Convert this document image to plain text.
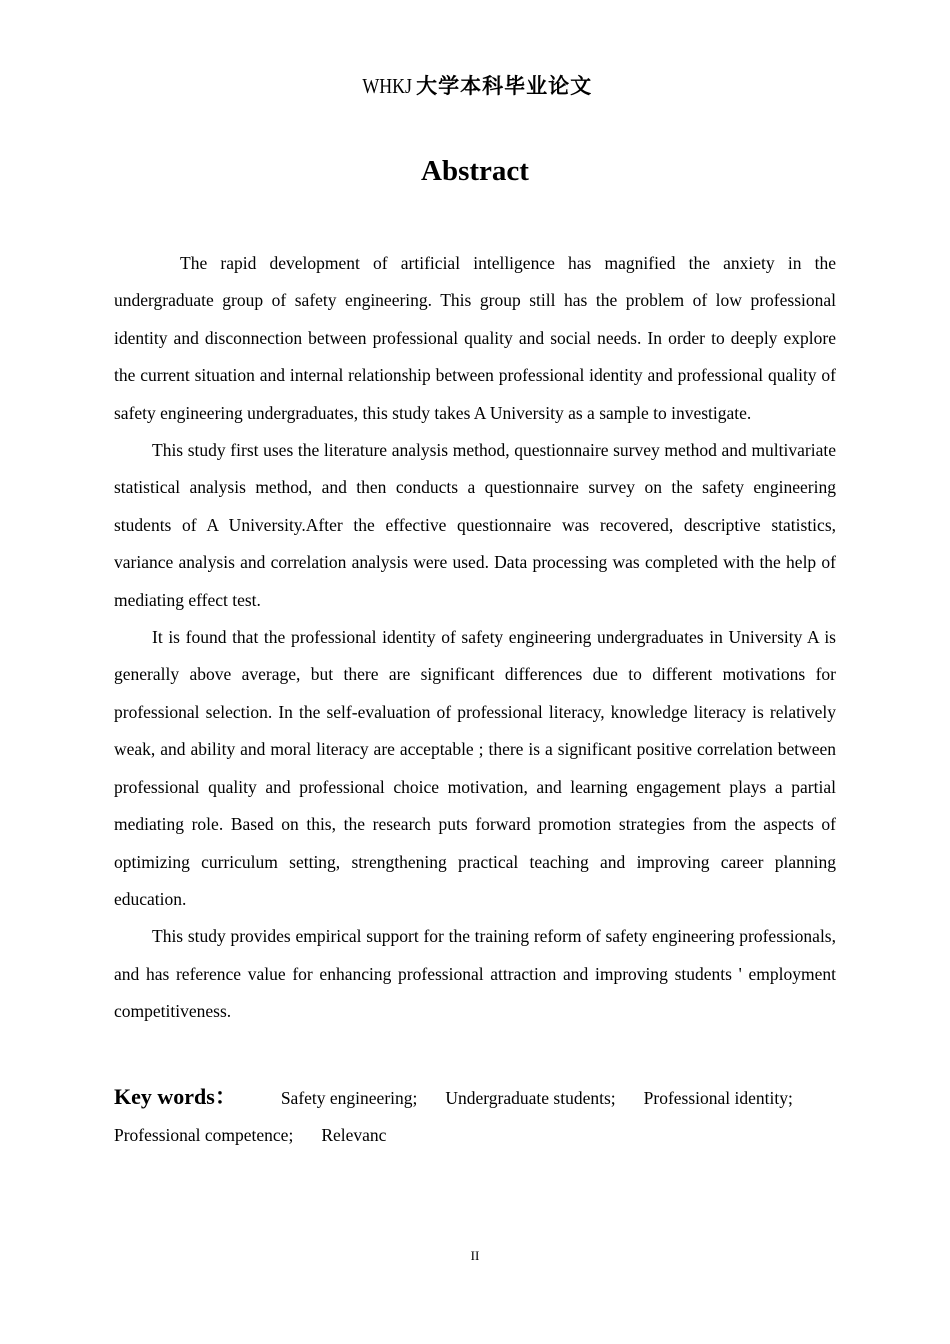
WHKJ 大学本科毕业论文
Abstract

The rapid development of artificial intelligence has magnified the anxiety in the undergraduate group of safety engineering. This group still has the problem of low professional identity and disconnection between professional quality and social needs. In order to deeply explore the current situation and internal relationship between professional identity and professional quality of safety engineering undergraduates, this study takes A University as a sample to investigate.

This study first uses the literature analysis method, questionnaire survey method and multivariate statistical analysis method, and then conducts a questionnaire survey on the safety engineering students of A University.After the effective questionnaire was recovered, descriptive statistics, variance analysis and correlation analysis were used. Data processing was completed with the help of mediating effect test.

It is found that the professional identity of safety engineering undergraduates in University A is generally above average, but there are significant differences due to different motivations for professional selection. In the self-evaluation of professional literacy, knowledge literacy is relatively weak, and ability and moral literacy are acceptable ; there is a significant positive correlation between professional quality and professional choice motivation, and learning engagement plays a partial mediating role. Based on this, the research puts forward promotion strategies from the aspects of optimizing curriculum setting, strengthening practical teaching and improving career planning education.

This study provides empirical support for the training reform of safety engineering professionals, and has reference value for enhancing professional attraction and improving students ' employment competitiveness.

Key words：	Safety engineering; Undergraduate students; Professional identity;
Professional competence; Relevanc
II
